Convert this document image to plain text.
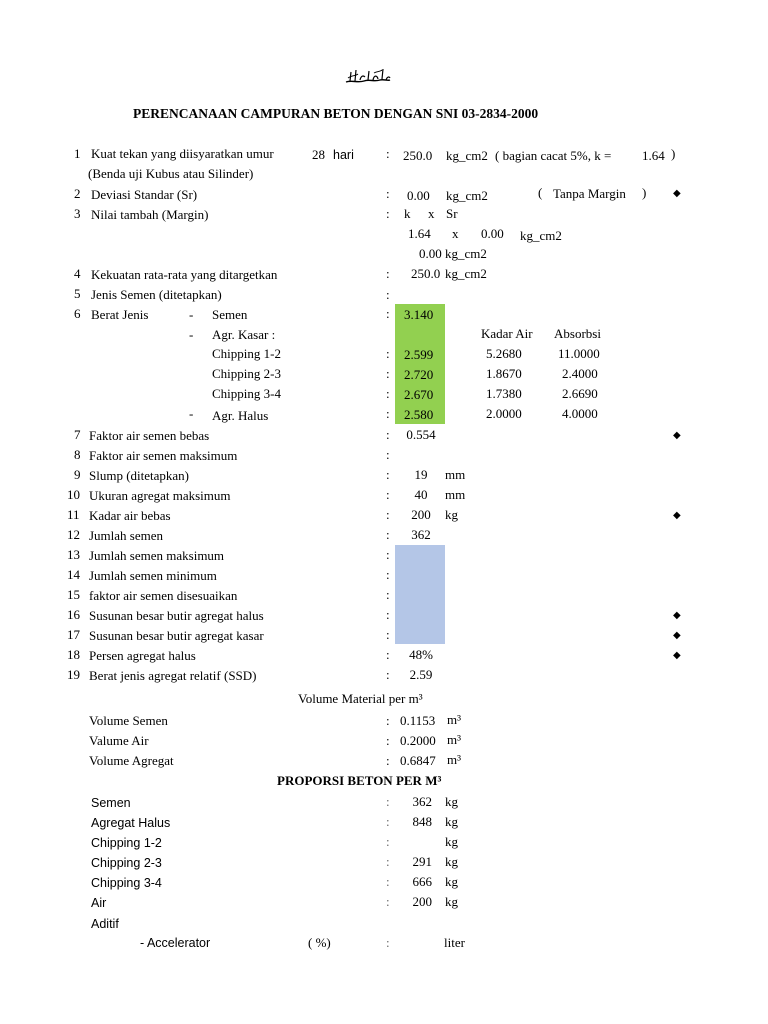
PERENCANAAN CAMPURAN BETON DENGAN SNI 03-2834-2000
1 Kuat tekan yang diisyaratkan umur	28 hari : 250.0 kg_cm2 ( bagian cacat 5%, k = 1.64 )
(Benda uji Kubus atau Silinder)
2 Deviasi Standar (Sr)	: 0.00 kg_cm2	( Tanpa Margin )	◆
3 Nilai tambah (Margin)	: k x Sr
1.64 x 0.00 kg_cm2
0.00 kg_cm2
4 Kekuatan rata-rata yang ditargetkan	: 250.0 kg_cm2
5 Jenis Semen (ditetapkan)	:
6 Berat Jenis	- Semen	: 3.140
- Agr. Kasar :	Kadar Air Absorbsi
Chipping 1-2	: 2.599	5.2680	11.0000
Chipping 2-3	: 2.720	1.8670	2.4000
Chipping 3-4	: 2.670	1.7380	2.6690
- Agr. Halus	: 2.580	2.0000	4.0000
7 Faktor air semen bebas	:	0.554	◆
8 Faktor air semen maksimum	:
9 Slump (ditetapkan)	:	19	mm
10 Ukuran agregat maksimum	:	40	mm
11 Kadar air bebas	:	200	kg	◆
12 Jumlah semen	:	362
13 Jumlah semen maksimum	:
14 Jumlah semen minimum	:
15 faktor air semen disesuaikan	:
16 Susunan besar butir agregat halus	:	◆
17 Susunan besar butir agregat kasar	:	◆
18 Persen agregat halus	:	48%	◆
19 Berat jenis agregat relatif (SSD)	:	2.59
Volume Material per m³
Volume Semen	: 0.1153 m³
Valume Air	: 0.2000 m³
Volume Agregat	: 0.6847 m³
PROPORSI BETON PER M³
Semen	:	362 kg
Agregat Halus	:	848 kg
Chipping 1-2	:	kg
Chipping 2-3	:	291 kg
Chipping 3-4	:	666 kg
Air	:	200 kg
Aditif
- Accelerator	( %)	:	liter
